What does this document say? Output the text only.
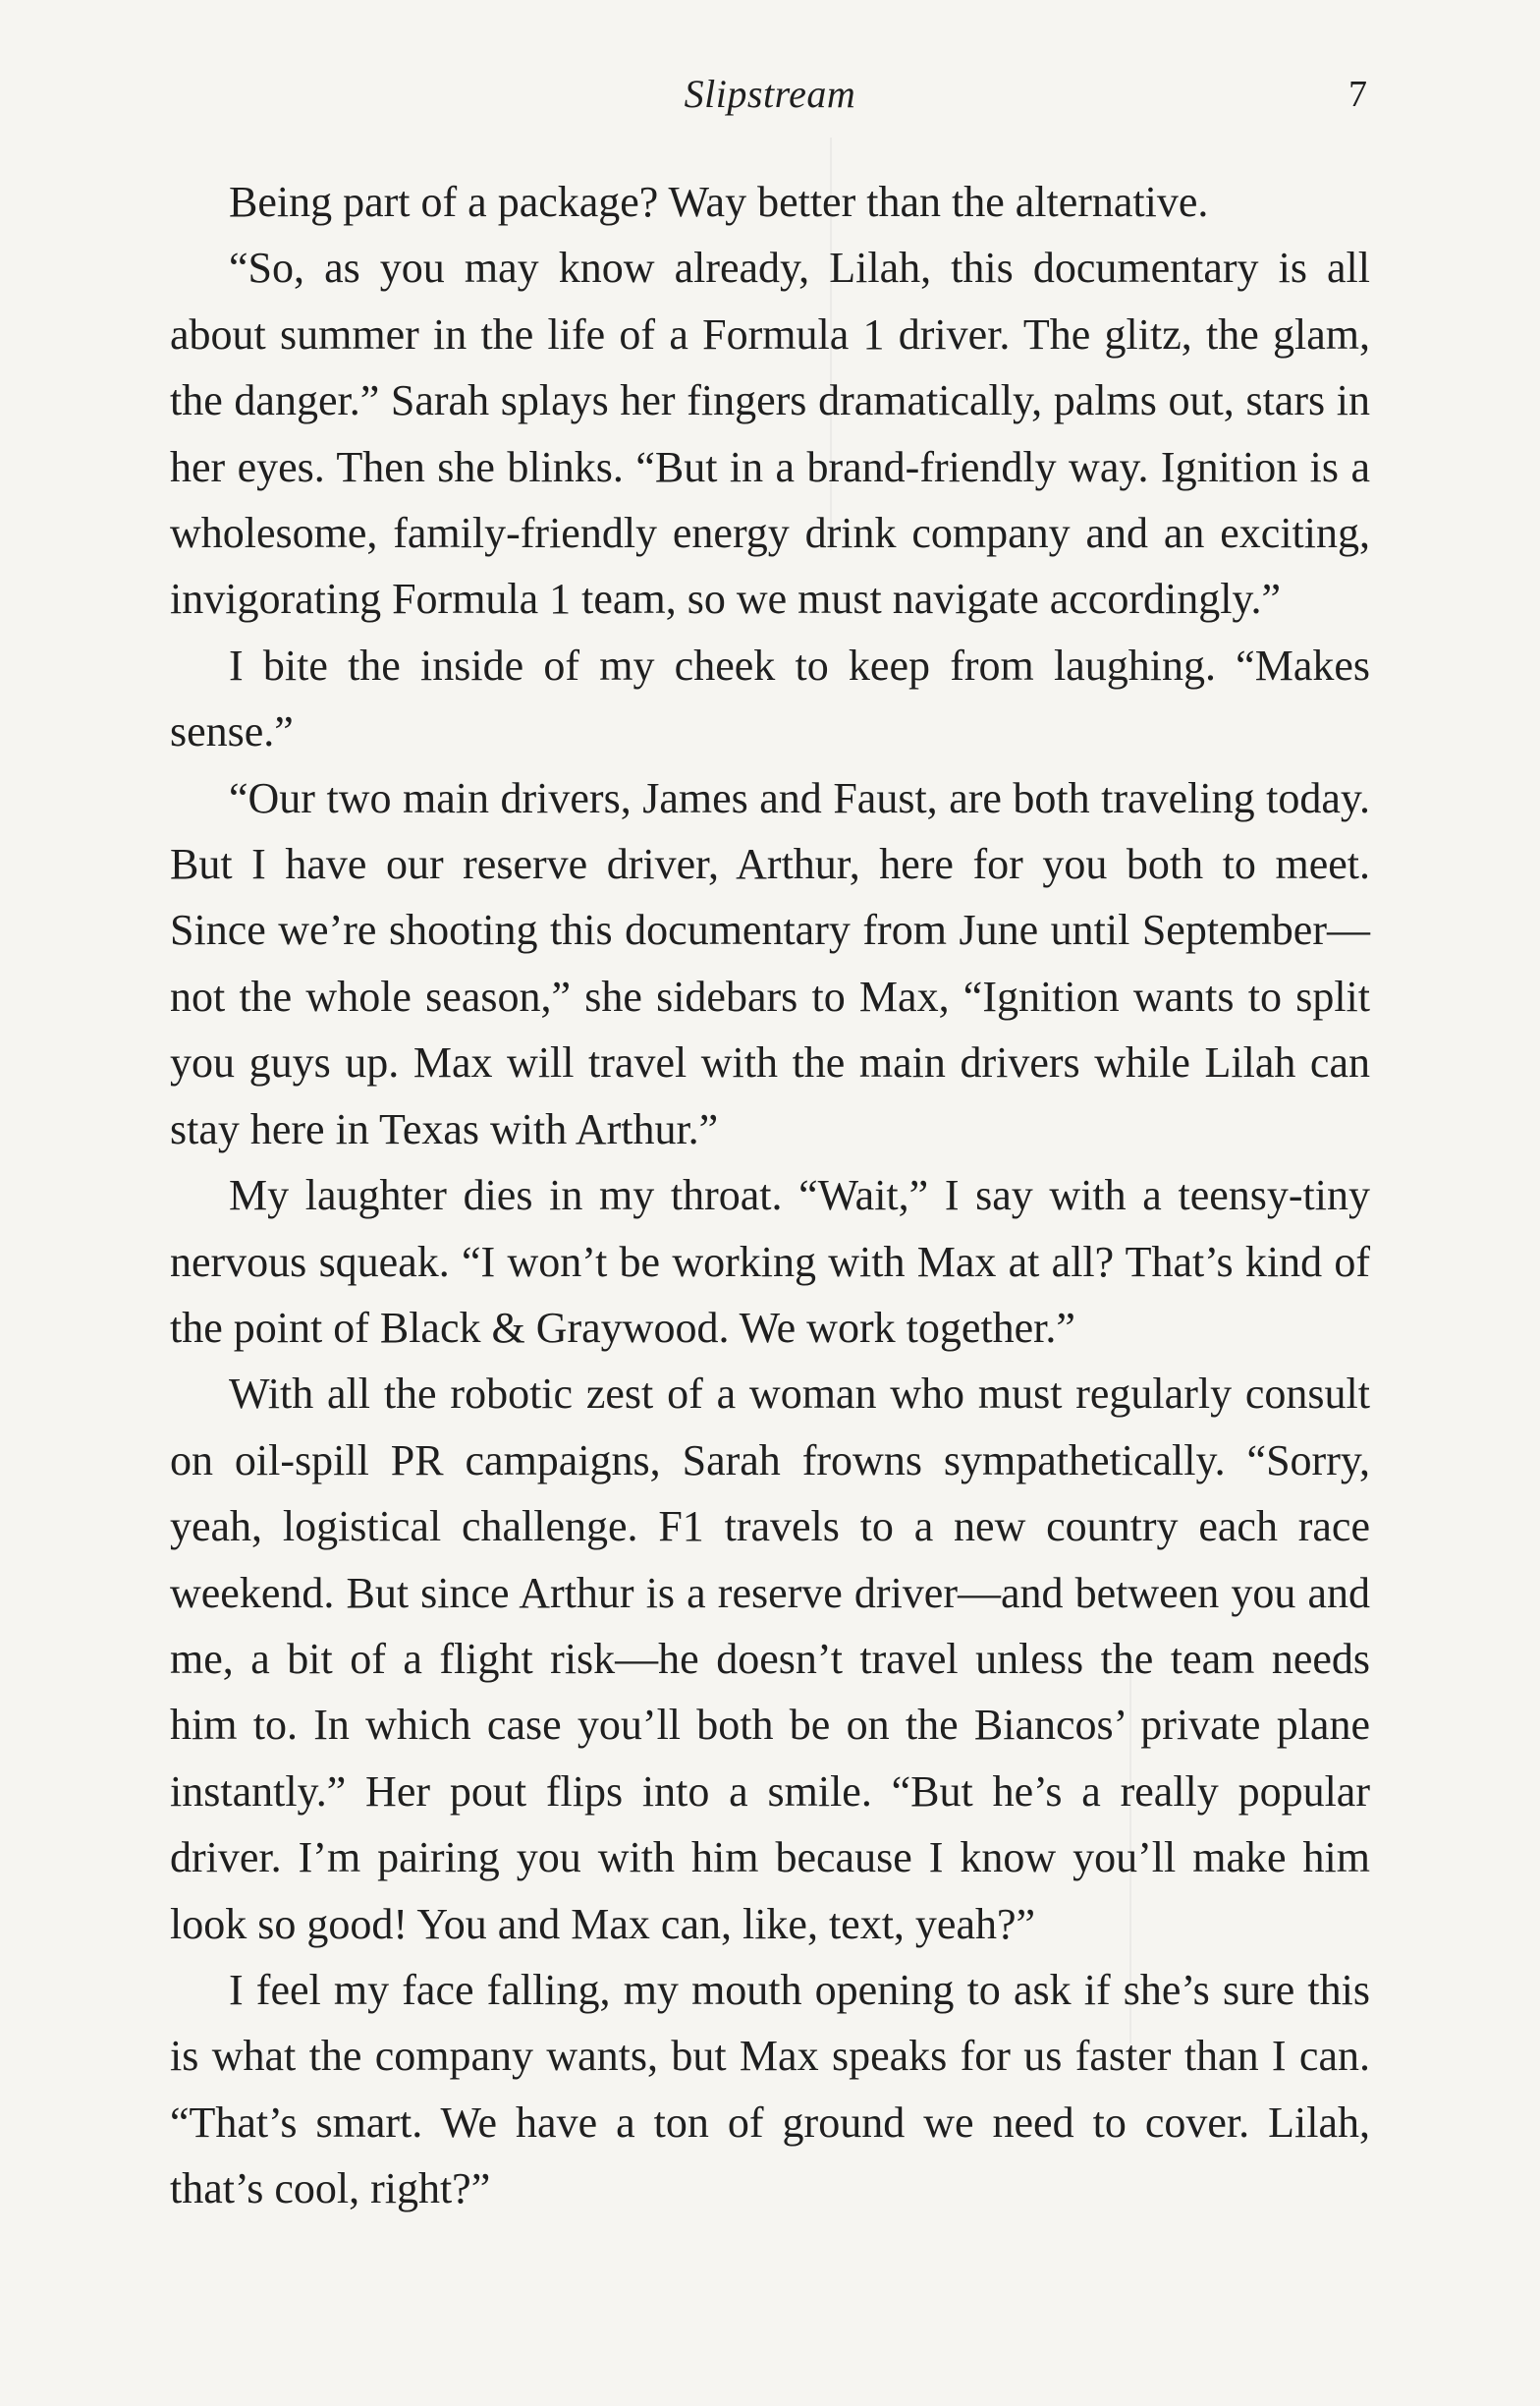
Slipstream	7

Being part of a package? Way better than the alternative.

“So, as you may know already, Lilah, this documentary is all about summer in the life of a Formula 1 driver. The glitz, the glam, the danger.” Sarah splays her fingers dramatically, palms out, stars in her eyes. Then she blinks. “But in a brand-friendly way. Ignition is a wholesome, family-friendly energy drink company and an exciting, invigorating Formula 1 team, so we must navigate accordingly.”

I bite the inside of my cheek to keep from laughing. “Makes sense.”

“Our two main drivers, James and Faust, are both traveling today. But I have our reserve driver, Arthur, here for you both to meet. Since we’re shooting this documentary from June until September—not the whole season,” she sidebars to Max, “Ignition wants to split you guys up. Max will travel with the main drivers while Lilah can stay here in Texas with Arthur.”

My laughter dies in my throat. “Wait,” I say with a teensy-tiny nervous squeak. “I won’t be working with Max at all? That’s kind of the point of Black & Graywood. We work together.”

With all the robotic zest of a woman who must regularly consult on oil-spill PR campaigns, Sarah frowns sympathetically. “Sorry, yeah, logistical challenge. F1 travels to a new country each race weekend. But since Arthur is a reserve driver—and between you and me, a bit of a flight risk—he doesn’t travel unless the team needs him to. In which case you’ll both be on the Biancos’ private plane instantly.” Her pout flips into a smile. “But he’s a really popular driver. I’m pairing you with him because I know you’ll make him look so good! You and Max can, like, text, yeah?”

I feel my face falling, my mouth opening to ask if she’s sure this is what the company wants, but Max speaks for us faster than I can. “That’s smart. We have a ton of ground we need to cover. Lilah, that’s cool, right?”
